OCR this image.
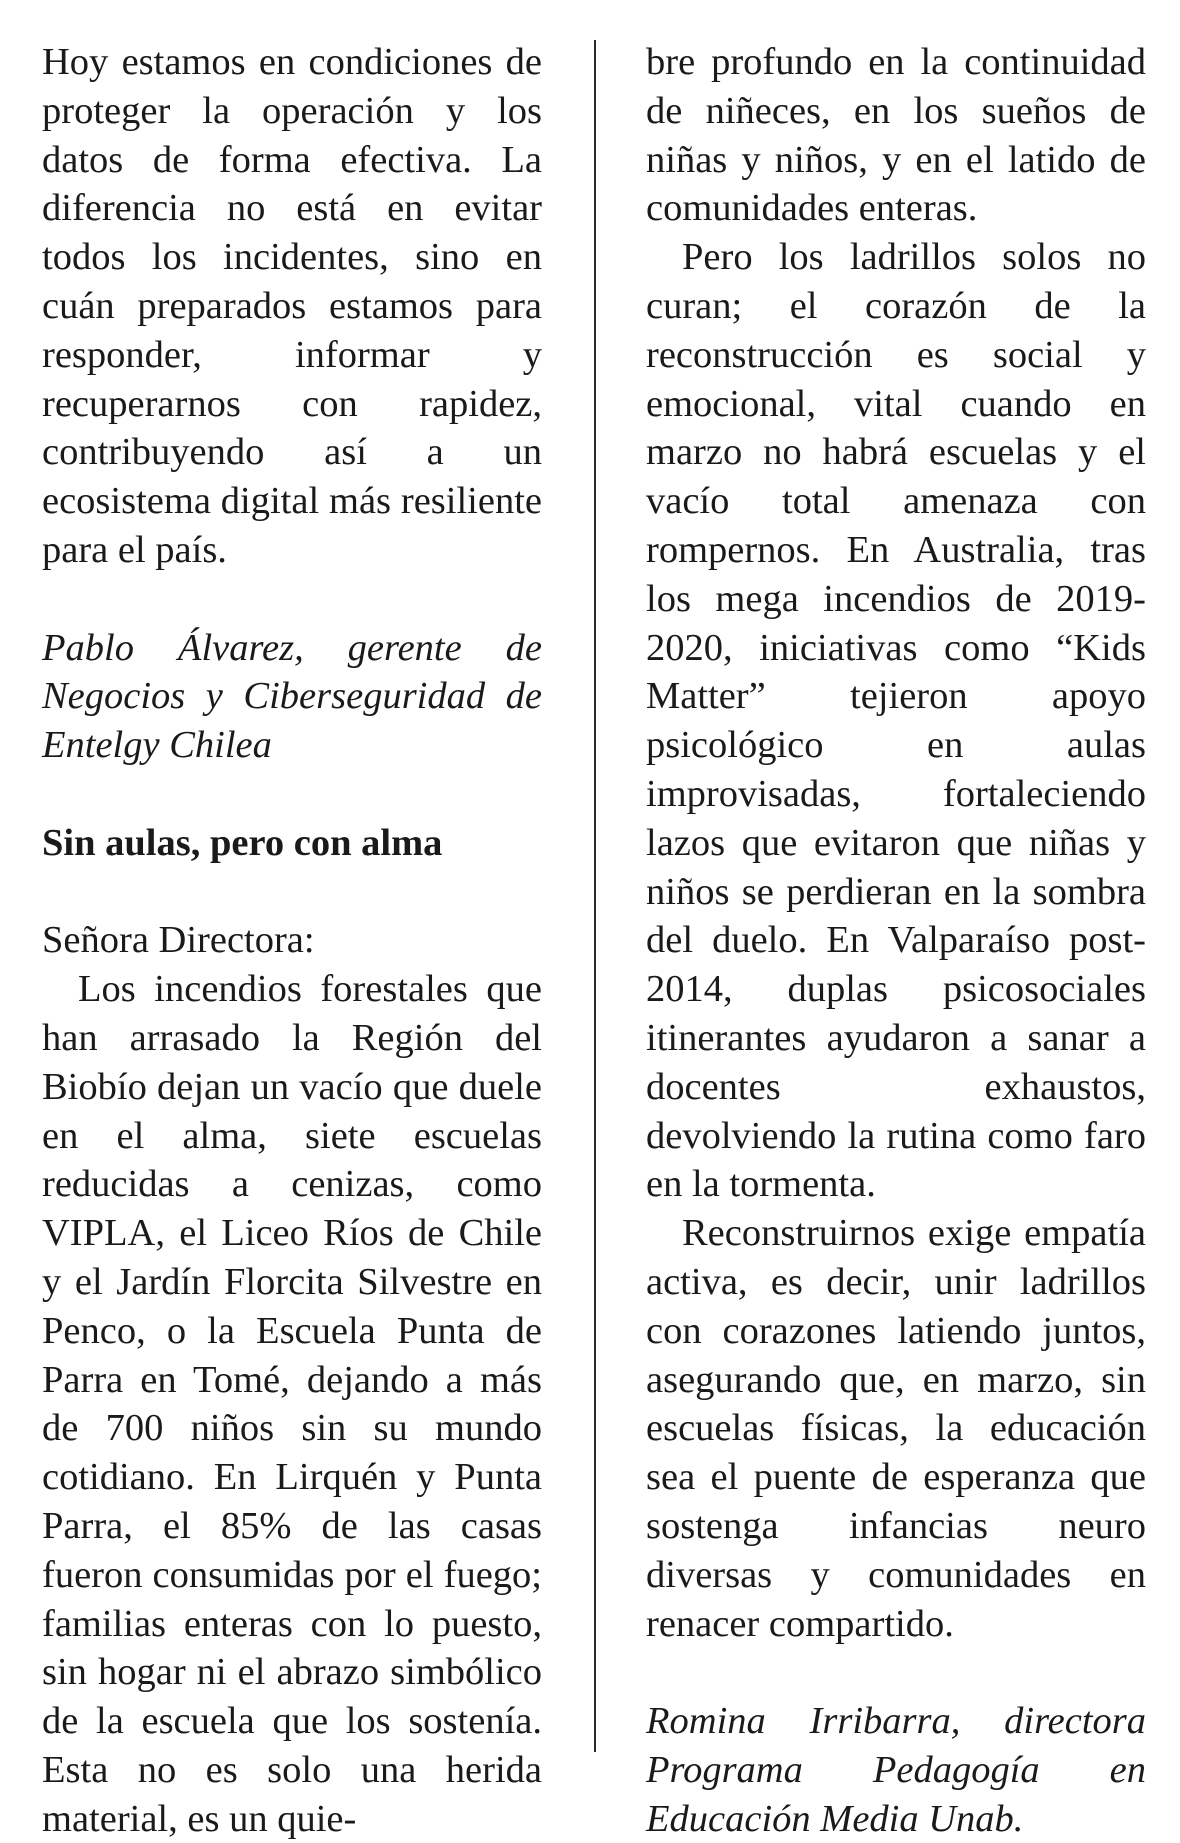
Hoy estamos en condiciones de proteger la operación y los datos de forma efectiva. La diferencia no está en evitar todos los incidentes, sino en cuán preparados estamos para responder, informar y recuperarnos con rapidez, contribuyendo así a un ecosistema digital más resiliente para el país.

Pablo Álvarez, gerente de Negocios y Ciberseguridad de Entelgy Chilea

Sin aulas, pero con alma

Señora Directora:

Los incendios forestales que han arrasado la Región del Biobío dejan un vacío que duele en el alma, siete escuelas reducidas a cenizas, como VIPLA, el Liceo Ríos de Chile y el Jardín Florcita Silvestre en Penco, o la Escuela Punta de Parra en Tomé, dejando a más de 700 niños sin su mundo cotidiano. En Lirquén y Punta Parra, el 85% de las casas fueron consumidas por el fuego; familias enteras con lo puesto, sin hogar ni el abrazo simbólico de la escuela que los sostenía. Esta no es solo una herida material, es un quie-

bre profundo en la continuidad de niñeces, en los sueños de niñas y niños, y en el latido de comunidades enteras.

Pero los ladrillos solos no curan; el corazón de la reconstrucción es social y emocional, vital cuando en marzo no habrá escuelas y el vacío total amenaza con rompernos. En Australia, tras los mega incendios de 2019-2020, iniciativas como “Kids Matter” tejieron apoyo psicológico en aulas improvisadas, fortaleciendo lazos que evitaron que niñas y niños se perdieran en la sombra del duelo. En Valparaíso post-2014, duplas psicosociales itinerantes ayudaron a sanar a docentes exhaustos, devolviendo la rutina como faro en la tormenta.

Reconstruirnos exige empatía activa, es decir, unir ladrillos con corazones latiendo juntos, asegurando que, en marzo, sin escuelas físicas, la educación sea el puente de esperanza que sostenga infancias neuro diversas y comunidades en renacer compartido.

Romina Irribarra, directora Programa Pedagogía en Educación Media Unab.
